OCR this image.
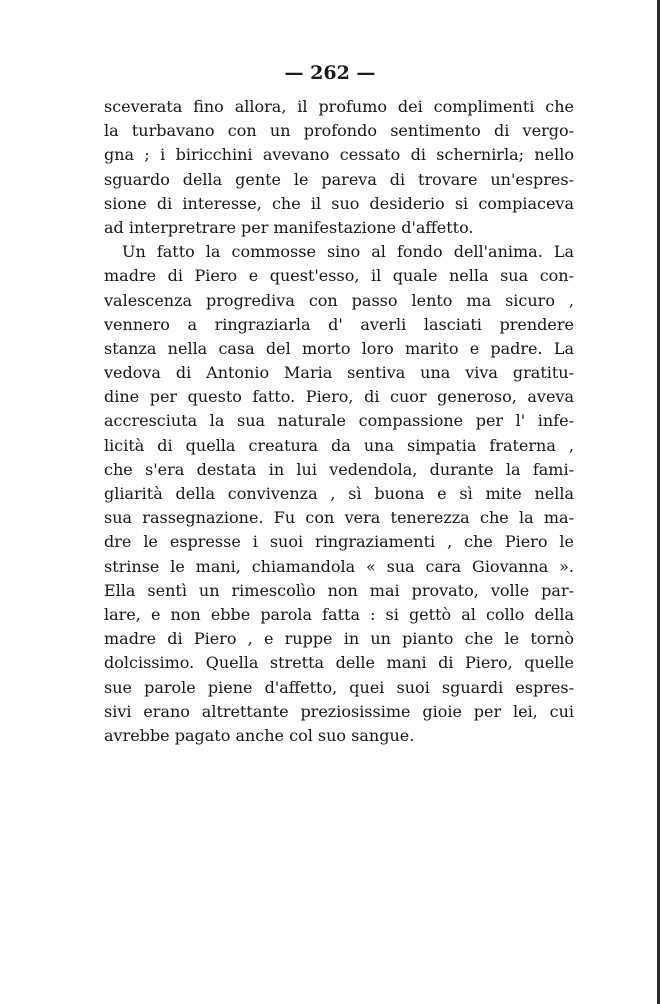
— 262 —
sceverata fino allora, il profumo dei complimenti che
la turbavano con un profondo sentimento di vergo-
gna ; i biricchini avevano cessato di schernirla; nello
sguardo della gente le pareva di trovare un'espres-
sione di interesse, che il suo desiderio si compiaceva
ad interpretrare per manifestazione d'affetto.
Un fatto la commosse sino al fondo dell'anima. La
madre di Piero e quest'esso, il quale nella sua con-
valescenza progrediva con passo lento ma sicuro ,
vennero a ringraziarla d' averli lasciati prendere
stanza nella casa del morto loro marito e padre. La
vedova di Antonio Maria sentiva una viva gratitu-
dine per questo fatto. Piero, di cuor generoso, aveva
accresciuta la sua naturale compassione per l' infe-
licità di quella creatura da una simpatia fraterna ,
che s'era destata in lui vedendola, durante la fami-
gliarità della convivenza , sì buona e sì mite nella
sua rassegnazione. Fu con vera tenerezza che la ma-
dre le espresse i suoi ringraziamenti , che Piero le
strinse le mani, chiamandola « sua cara Giovanna ».
Ella sentì un rimescolìo non mai provato, volle par-
lare, e non ebbe parola fatta : si gettò al collo della
madre di Piero , e ruppe in un pianto che le tornò
dolcissimo. Quella stretta delle mani di Piero, quelle
sue parole piene d'affetto, quei suoi sguardi espres-
sivi erano altrettante preziosissime gioie per lei, cui
avrebbe pagato anche col suo sangue.
